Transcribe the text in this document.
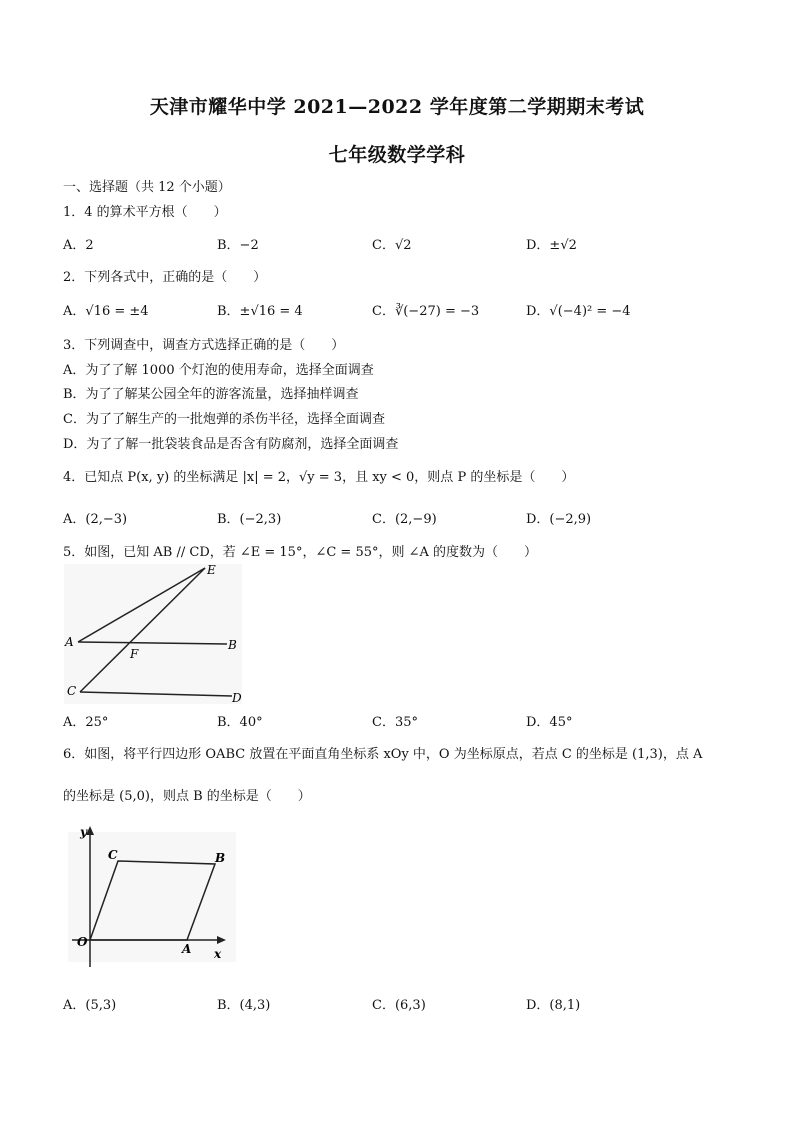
天津市耀华中学 2021—2022 学年度第二学期期末考试
七年级数学学科
一、选择题（共 12 个小题）
1．4 的算术平方根（　　）
A．2	B．−2	C．√2	D．±√2
2．下列各式中，正确的是（　　）
A．√16 = ±4	B．±√16 = 4	C．∛(−27) = −3	D．√(−4)² = −4
3．下列调查中，调查方式选择正确的是（　　）
A．为了了解 1000 个灯泡的使用寿命，选择全面调查
B．为了了解某公园全年的游客流量，选择抽样调查
C．为了了解生产的一批炮弹的杀伤半径，选择全面调查
D．为了了解一批袋装食品是否含有防腐剂，选择全面调查
4．已知点 P(x, y) 的坐标满足 |x| = 2，√y = 3，且 xy < 0，则点 P 的坐标是（　　）
A．(2,−3)	B．(−2,3)	C．(2,−9)	D．(−2,9)
5．如图，已知 AB // CD，若 ∠E = 15°，∠C = 55°，则 ∠A 的度数为（　　）
E
A
F
B
C	D
A．25°	B．40°	C．35°	D．45°
6．如图，将平行四边形 OABC 放置在平面直角坐标系 xOy 中，O 为坐标原点，若点 C 的坐标是 (1,3)，点 A
的坐标是 (5,0)，则点 B 的坐标是（　　）
y
x
O	A
B
C
A．(5,3)	B．(4,3)	C．(6,3)	D．(8,1)
